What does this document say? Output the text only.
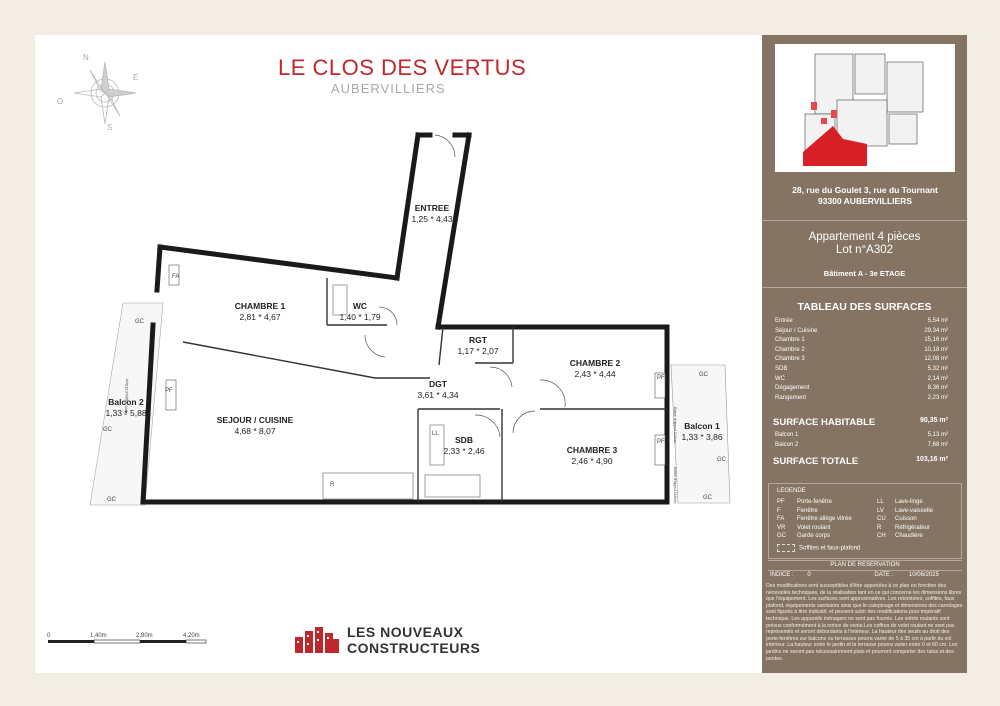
N
E
O
S
LE CLOS DES VERTUS
AUBERVILLIERS
ENTREE
1,25 * 4,43
CHAMBRE 1
2,81 * 4,67
WC
1,40 * 1,79
RGT
1,17 * 2,07
CHAMBRE 2
2,43 * 4,44
DGT
3,61 * 4,34
SEJOUR / CUISINE
4,68 * 8,07
SDB
2,33 * 2,46	CHAMBRE 3
2,46 * 4,90
Balcon 1
1,33 * 3,86
Balcon 2
1,33 * 5,88
GC
GC
GC
GC
GC
GC
FA
PF
PF
PF
R
LL
Barre d'appui 110cm
Barre d'appui 110cm
Barre d'appui 110cm
0	1,40m	2,80m	4,20m	LES NOUVEAUX
CONSTRUCTEURS
28, rue du Goulet 3, rue du Tournant 93300 AUBERVILLIERS
Appartement 4 pièces
Lot n°A302
Bâtiment A - 3e ETAGE
TABLEAU DES SURFACES
Entrée	5,54 m²
Séjour / Cuisine	29,34 m²
Chambre 1	15,16 m²
Chambre 2	10,18 m²
Chambre 3	12,08 m²
SDB	5,32 m²
WC	2,14 m²
Dégagement	8,36 m²
Rangement	2,23 m²
SURFACE HABITABLE	90,35 m²
Balcon 1	5,13 m²
Balcon 2	7,68 m²
SURFACE TOTALE	103,16 m²
LEGENDE
PF Porte-fenêtre
F	Fenêtre
FA Fenêtre allège vitrée
VR Volet roulant
GC Garde corps
LL Lave-linge
LV Lave-vaisselle
CU Cuisson
R Réfrigérateur
CH Chaudière
Soffites et faux-plafond
PLAN DE RESERVATION
INDICE : 0	DATE :	10/06/2025
Des modifications sont susceptibles d'être apportées à ce plan en fonction des nécessités techniques, de la réalisation tant en ce qui concerne les dimensions libres que l'équipement. Les surfaces sont approximatives. Les retombées, soffites, faux plafond, équipements sanitaires ainsi que le calepinage et dimensions des carrelages sont figurés à titre indicatif, et peuvent subir des modifications pour impératif technique. Les appareils ménagers ne sont pas fournis. Les volets roulants sont prévus conformément à la notice de vente.Les coffres de volet roulant ne sont pas représentés et seront débordants à l'intérieur. La hauteur des seuils au droit des porte-fenêtres sur balcons ou terrasses pourra varier de 5 à 35 cm à partir du sol intérieur. La hauteur entre le jardin et la terrasse pourra varier entre 0 et 60 cm. Les jardins ne seront pas nécessairement plats et pourront comporter des talus et des pentes.
